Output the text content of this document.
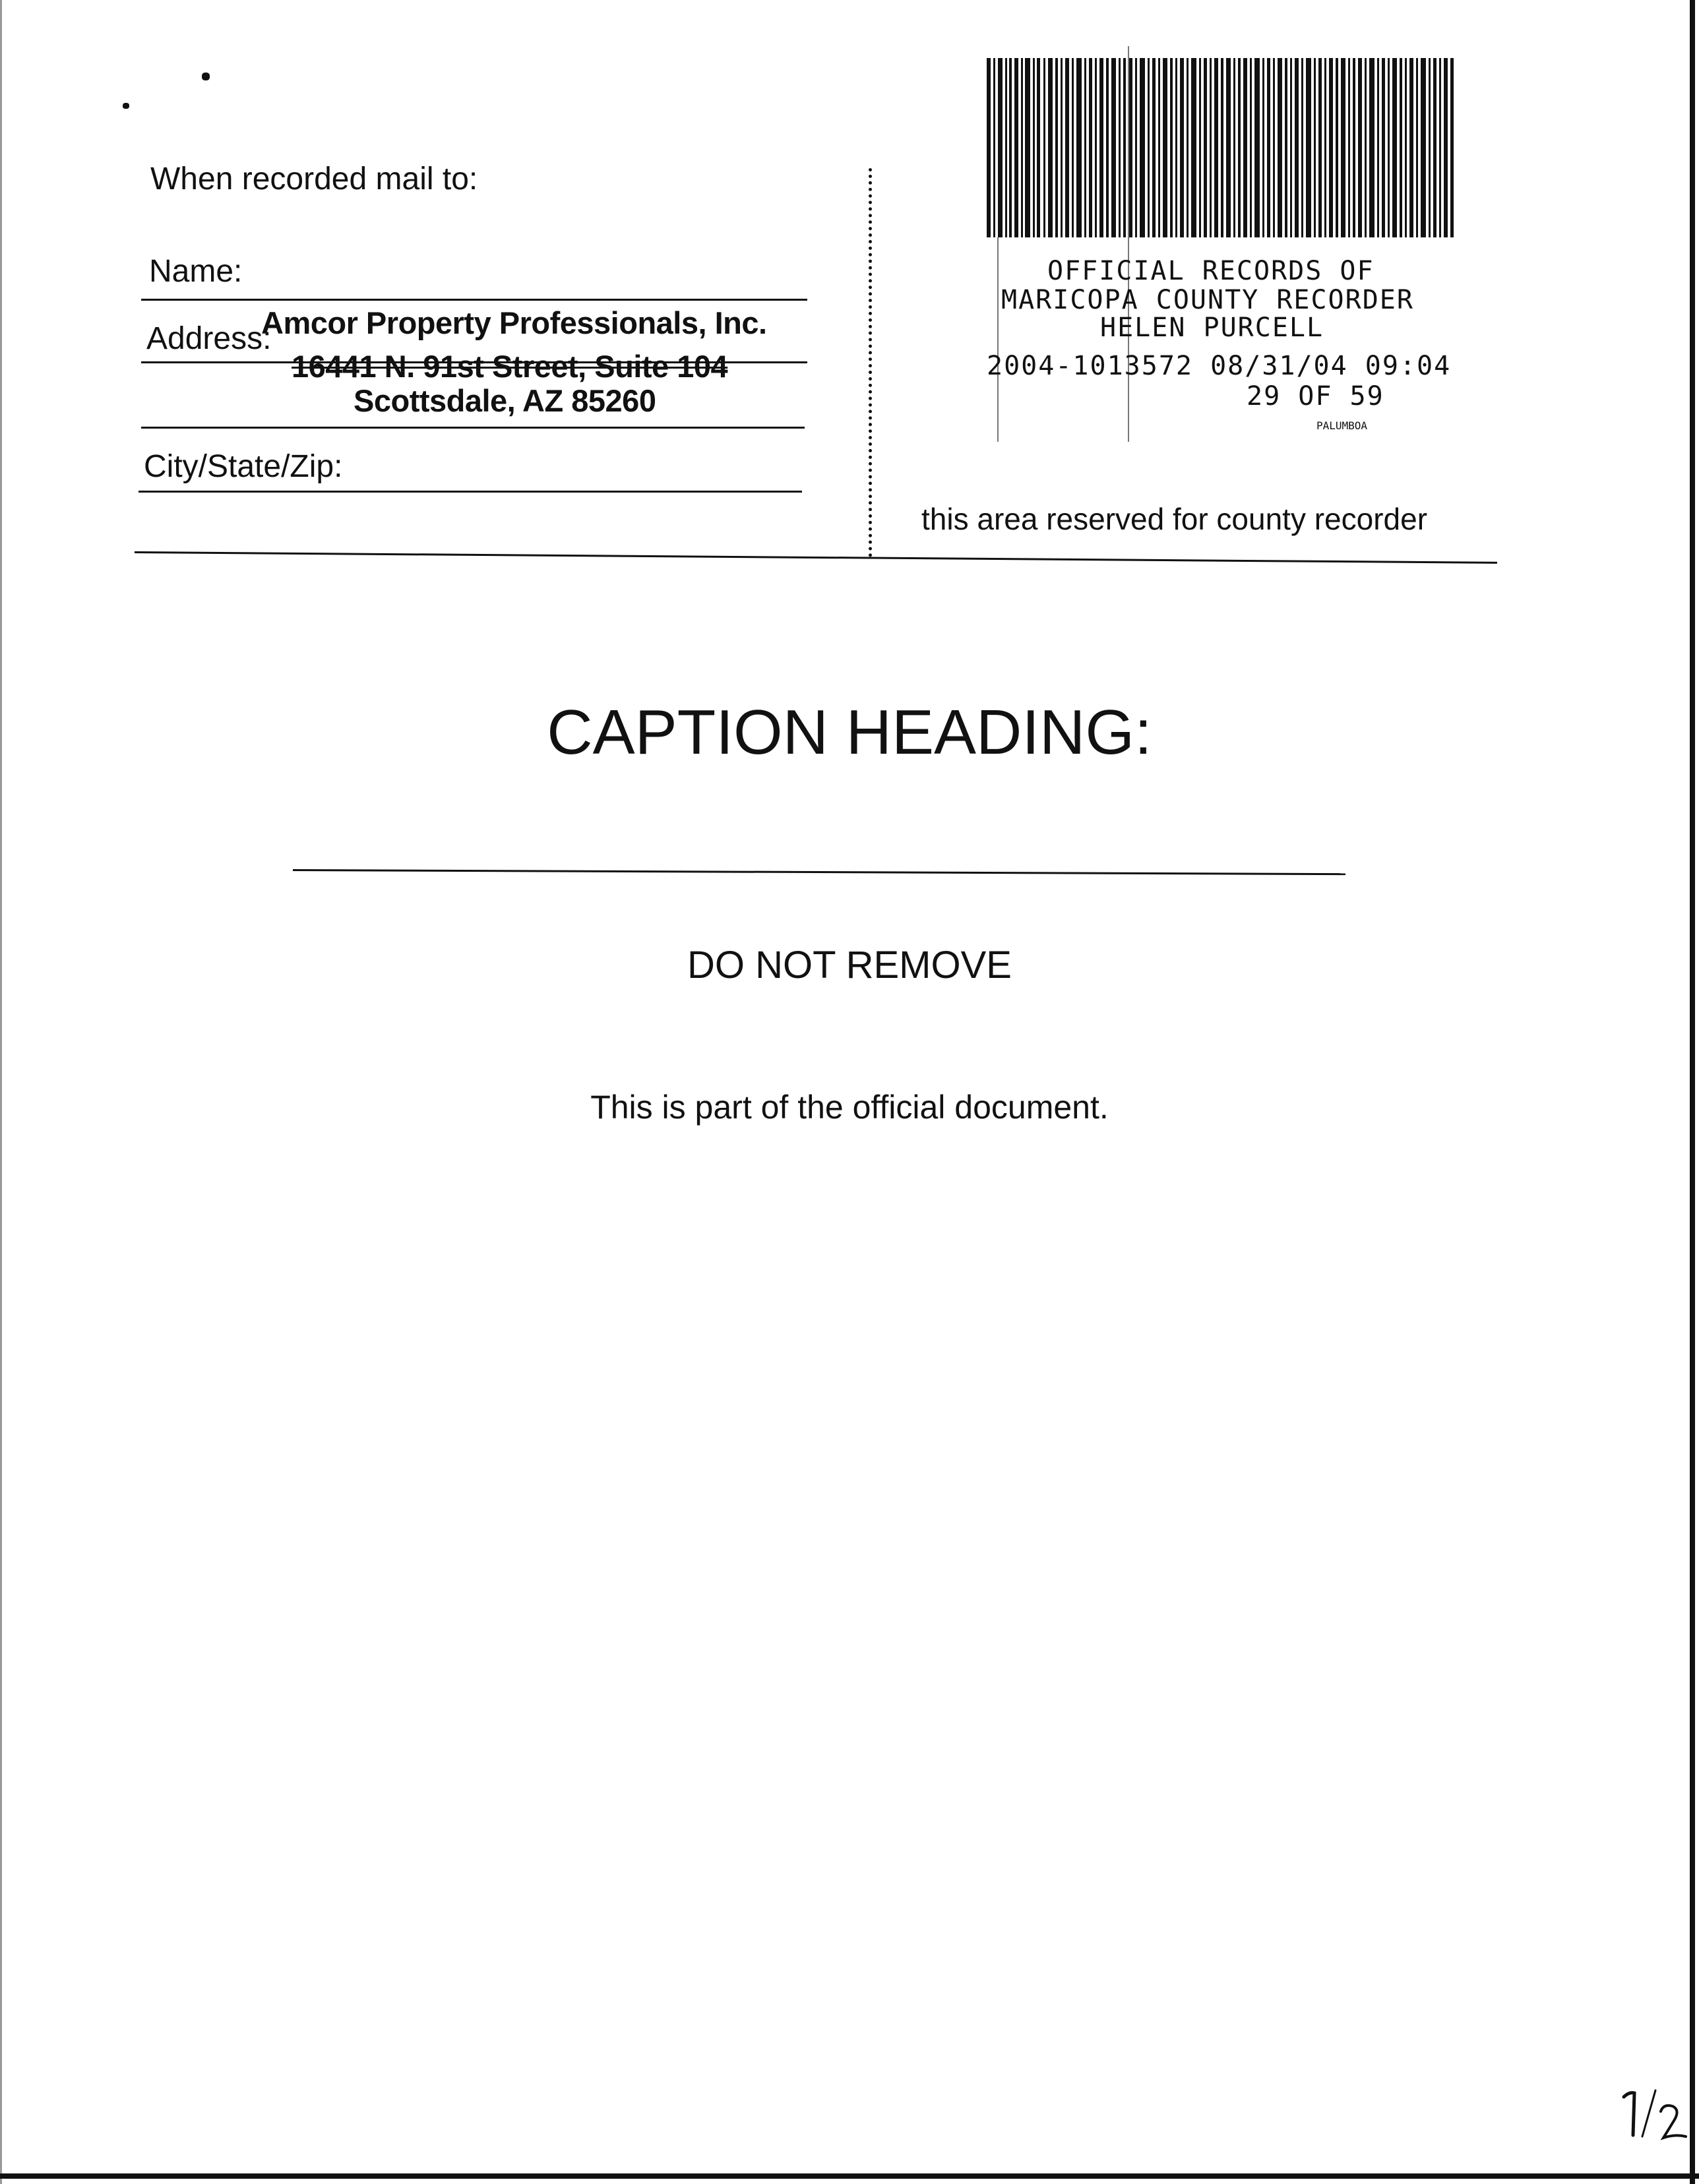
When recorded mail to:
Name:
Address:
Amcor Property Professionals, Inc.
16441 N. 91st Street, Suite 104
Scottsdale, AZ 85260
City/State/Zip:
OFFICIAL RECORDS OF
MARICOPA COUNTY RECORDER
HELEN PURCELL
2004-1013572 08/31/04 09:04
29 OF 59
PALUMBOA
this area reserved for county recorder
CAPTION HEADING:
DO NOT REMOVE
This is part of the official document.
